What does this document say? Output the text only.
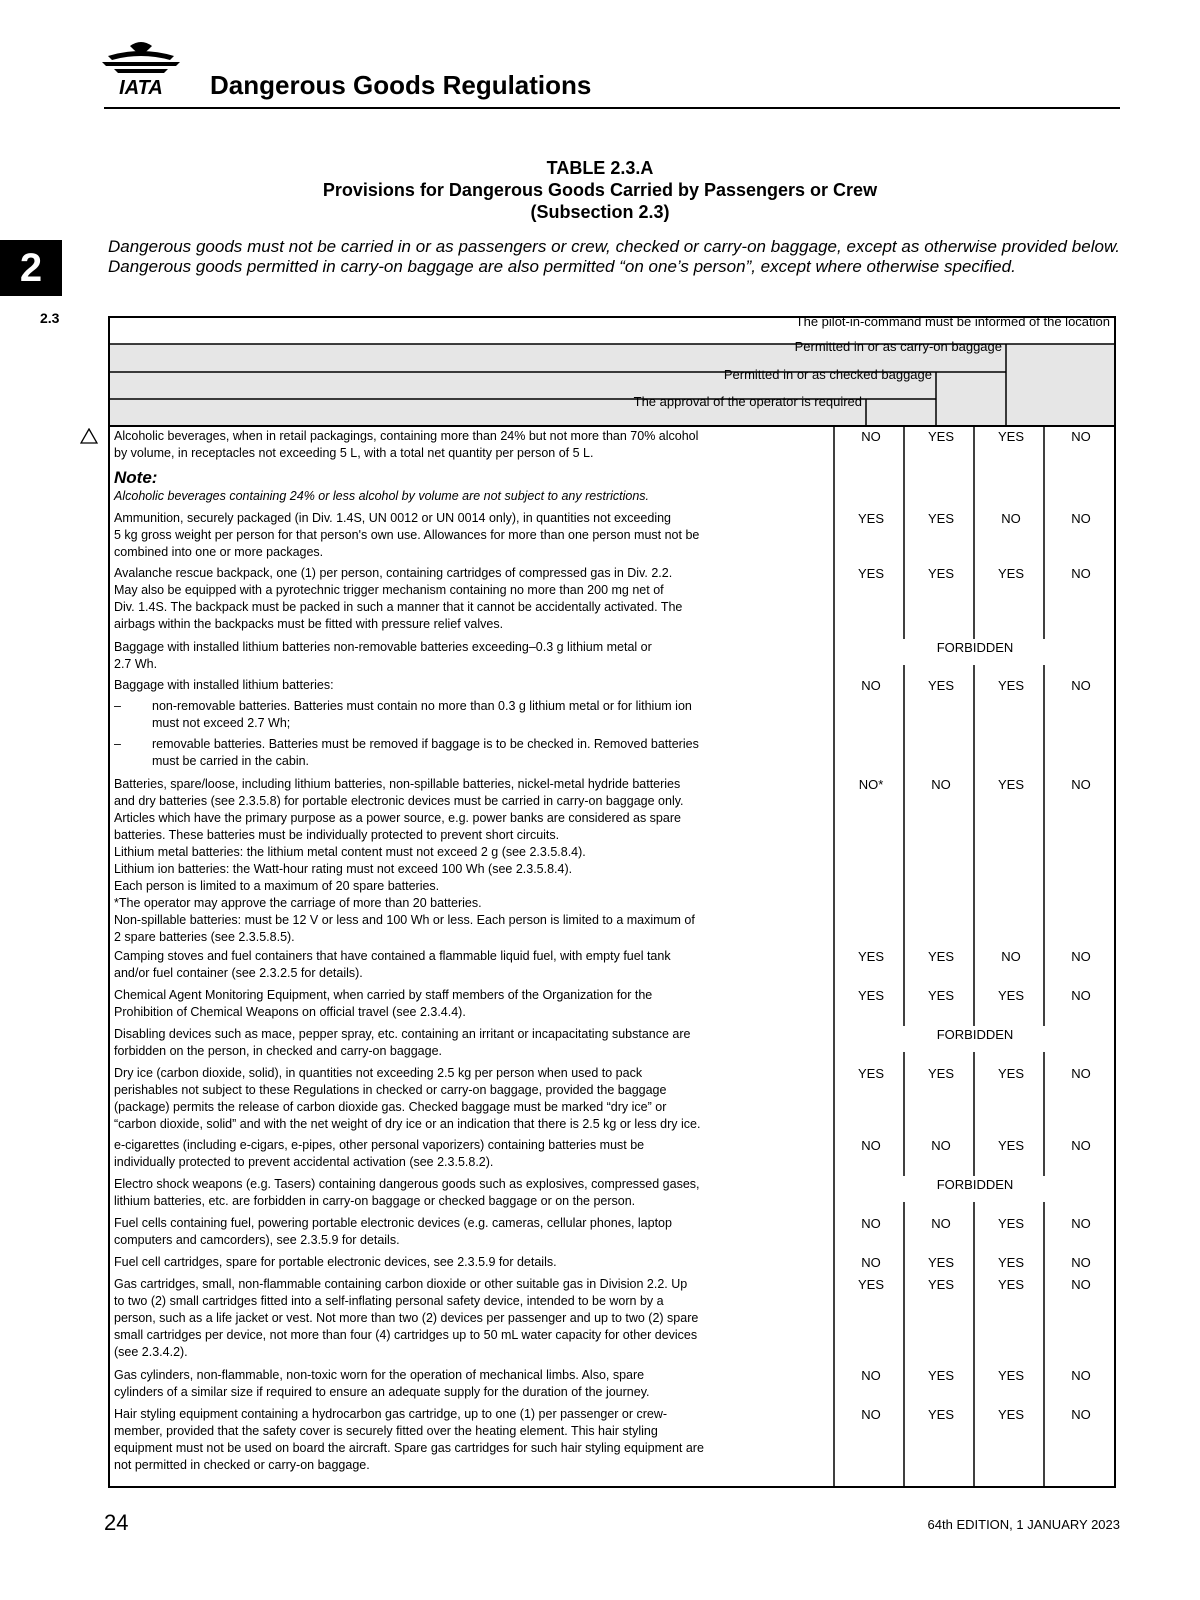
IATA Dangerous Goods Regulations
2
2.3
TABLE 2.3.A
Provisions for Dangerous Goods Carried by Passengers or Crew
(Subsection 2.3)
Dangerous goods must not be carried in or as passengers or crew, checked or carry-on baggage, except as otherwise provided below. Dangerous goods permitted in carry-on baggage are also permitted “on one’s person”, except where otherwise specified.
The pilot-in-command must be informed of the location
Permitted in or as carry-on baggage
Permitted in or as checked baggage
The approval of the operator is required
Alcoholic beverages, when in retail packagings, containing more than 24% but not more than 70% alcohol
by volume, in receptacles not exceeding 5 L, with a total net quantity per person of 5 L.
Note:
Alcoholic beverages containing 24% or less alcohol by volume are not subject to any restrictions.
NO	YES	YES	NO
Ammunition, securely packaged (in Div. 1.4S, UN 0012 or UN 0014 only), in quantities not exceeding
5 kg gross weight per person for that person's own use. Allowances for more than one person must not be
combined into one or more packages.
YES	YES	NO	NO
Avalanche rescue backpack, one (1) per person, containing cartridges of compressed gas in Div. 2.2.
May also be equipped with a pyrotechnic trigger mechanism containing no more than 200 mg net of
Div. 1.4S. The backpack must be packed in such a manner that it cannot be accidentally activated. The
airbags within the backpacks must be fitted with pressure relief valves.
YES	YES	YES	NO
Baggage with installed lithium batteries non-removable batteries exceeding–0.3 g lithium metal or
2.7 Wh.
FORBIDDEN
Baggage with installed lithium batteries:
–	non-removable batteries. Batteries must contain no more than 0.3 g lithium metal or for lithium ion
must not exceed 2.7 Wh;
–	removable batteries. Batteries must be removed if baggage is to be checked in. Removed batteries
must be carried in the cabin.
NO	YES	YES	NO
Batteries, spare/loose, including lithium batteries, non-spillable batteries, nickel-metal hydride batteries
and dry batteries (see 2.3.5.8) for portable electronic devices must be carried in carry-on baggage only.
Articles which have the primary purpose as a power source, e.g. power banks are considered as spare
batteries. These batteries must be individually protected to prevent short circuits.
Lithium metal batteries: the lithium metal content must not exceed 2 g (see 2.3.5.8.4).
Lithium ion batteries: the Watt-hour rating must not exceed 100 Wh (see 2.3.5.8.4).
Each person is limited to a maximum of 20 spare batteries.
*The operator may approve the carriage of more than 20 batteries.
Non-spillable batteries: must be 12 V or less and 100 Wh or less. Each person is limited to a maximum of
2 spare batteries (see 2.3.5.8.5).
NO*	NO	YES	NO
Camping stoves and fuel containers that have contained a flammable liquid fuel, with empty fuel tank
and/or fuel container (see 2.3.2.5 for details).
YES	YES	NO	NO
Chemical Agent Monitoring Equipment, when carried by staff members of the Organization for the
Prohibition of Chemical Weapons on official travel (see 2.3.4.4).
YES	YES	YES	NO
Disabling devices such as mace, pepper spray, etc. containing an irritant or incapacitating substance are
forbidden on the person, in checked and carry-on baggage.
FORBIDDEN
Dry ice (carbon dioxide, solid), in quantities not exceeding 2.5 kg per person when used to pack
perishables not subject to these Regulations in checked or carry-on baggage, provided the baggage
(package) permits the release of carbon dioxide gas. Checked baggage must be marked “dry ice” or
“carbon dioxide, solid” and with the net weight of dry ice or an indication that there is 2.5 kg or less dry ice.
YES	YES	YES	NO
e-cigarettes (including e-cigars, e-pipes, other personal vaporizers) containing batteries must be
individually protected to prevent accidental activation (see 2.3.5.8.2).
NO	NO	YES	NO
Electro shock weapons (e.g. Tasers) containing dangerous goods such as explosives, compressed gases,
lithium batteries, etc. are forbidden in carry-on baggage or checked baggage or on the person.
FORBIDDEN
Fuel cells containing fuel, powering portable electronic devices (e.g. cameras, cellular phones, laptop
computers and camcorders), see 2.3.5.9 for details.
NO	NO	YES	NO
Fuel cell cartridges, spare for portable electronic devices, see 2.3.5.9 for details.	NO	YES	YES	NO
Gas cartridges, small, non-flammable containing carbon dioxide or other suitable gas in Division 2.2. Up
to two (2) small cartridges fitted into a self-inflating personal safety device, intended to be worn by a
person, such as a life jacket or vest. Not more than two (2) devices per passenger and up to two (2) spare
small cartridges per device, not more than four (4) cartridges up to 50 mL water capacity for other devices
(see 2.3.4.2).
YES	YES	YES	NO
Gas cylinders, non-flammable, non-toxic worn for the operation of mechanical limbs. Also, spare
cylinders of a similar size if required to ensure an adequate supply for the duration of the journey.
NO	YES	YES	NO
Hair styling equipment containing a hydrocarbon gas cartridge, up to one (1) per passenger or crew-
member, provided that the safety cover is securely fitted over the heating element. This hair styling
equipment must not be used on board the aircraft. Spare gas cartridges for such hair styling equipment are
not permitted in checked or carry-on baggage.
NO	YES	YES	NO
24	64th EDITION, 1 JANUARY 2023
